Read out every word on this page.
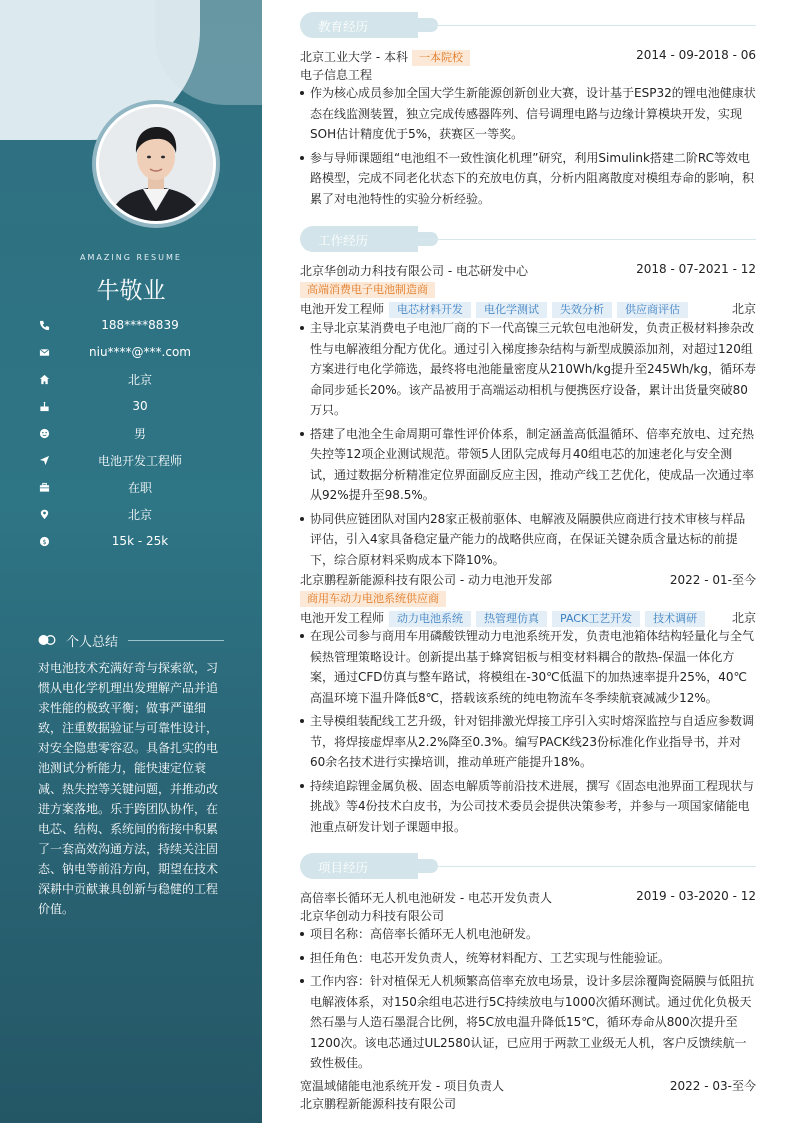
AMAZING RESUME
牛敬业
188****8839
niu****@***.com
北京
30
男
电池开发工程师
在职
北京
$	15k - 25k
个人总结
对电池技术充满好奇与探索欲，习惯从电化学机理出发理解产品并追求性能的极致平衡；做事严谨细致，注重数据验证与可靠性设计，对安全隐患零容忍。具备扎实的电池测试分析能力，能快速定位衰减、热失控等关键问题，并推动改进方案落地。乐于跨团队协作，在电芯、结构、系统间的衔接中积累了一套高效沟通方法，持续关注固态、钠电等前沿方向，期望在技术深耕中贡献兼具创新与稳健的工程价值。
教育经历
北京工业大学 - 本科 一本院校	2014 - 09-2018 - 06
电子信息工程
作为核心成员参加全国大学生新能源创新创业大赛，设计基于ESP32的锂电池健康状态在线监测装置，独立完成传感器阵列、信号调理电路与边缘计算模块开发，实现SOH估计精度优于5%，获赛区一等奖。
参与导师课题组“电池组不一致性演化机理”研究，利用Simulink搭建二阶RC等效电路模型，完成不同老化状态下的充放电仿真，分析内阻离散度对模组寿命的影响，积累了对电池特性的实验分析经验。
工作经历
北京华创动力科技有限公司 - 电芯研发中心	2018 - 07-2021 - 12
高端消费电子电池制造商
电池开发工程师 电芯材料开发 电化学测试 失效分析 供应商评估	北京
主导北京某消费电子电池厂商的下一代高镍三元软包电池研发，负责正极材料掺杂改性与电解液组分配方优化。通过引入梯度掺杂结构与新型成膜添加剂，对超过120组方案进行电化学筛选，最终将电池能量密度从210Wh/kg提升至245Wh/kg，循环寿命同步延长20%。该产品被用于高端运动相机与便携医疗设备，累计出货量突破80万只。
搭建了电池全生命周期可靠性评价体系，制定涵盖高低温循环、倍率充放电、过充热失控等12项企业测试规范。带领5人团队完成每月40组电芯的加速老化与安全测试，通过数据分析精准定位界面副反应主因，推动产线工艺优化，使成品一次通过率从92%提升至98.5%。
协同供应链团队对国内28家正极前驱体、电解液及隔膜供应商进行技术审核与样品评估，引入4家具备稳定量产能力的战略供应商，在保证关键杂质含量达标的前提下，综合原材料采购成本下降10%。
北京鹏程新能源科技有限公司 - 动力电池开发部	2022 - 01-至今
商用车动力电池系统供应商
电池开发工程师 动力电池系统 热管理仿真 PACK工艺开发 技术调研	北京
在现公司参与商用车用磷酸铁锂动力电池系统开发，负责电池箱体结构轻量化与全气候热管理策略设计。创新提出基于蜂窝铝板与相变材料耦合的散热-保温一体化方案，通过CFD仿真与整车路试，将模组在-30℃低温下的加热速率提升25%，40℃高温环境下温升降低8℃，搭载该系统的纯电物流车冬季续航衰减减少12%。
主导模组装配线工艺升级，针对铝排激光焊接工序引入实时熔深监控与自适应参数调节，将焊接虚焊率从2.2%降至0.3%。编写PACK线23份标准化作业指导书，并对60余名技术进行实操培训，推动单班产能提升18%。
持续追踪锂金属负极、固态电解质等前沿技术进展，撰写《固态电池界面工程现状与挑战》等4份技术白皮书，为公司技术委员会提供决策参考，并参与一项国家储能电池重点研发计划子课题申报。
项目经历
高倍率长循环无人机电池研发 - 电芯开发负责人	2019 - 03-2020 - 12
北京华创动力科技有限公司
项目名称：高倍率长循环无人机电池研发。
担任角色：电芯开发负责人，统筹材料配方、工艺实现与性能验证。
工作内容：针对植保无人机频繁高倍率充放电场景，设计多层涂覆陶瓷隔膜与低阻抗电解液体系，对150余组电芯进行5C持续放电与1000次循环测试。通过优化负极天然石墨与人造石墨混合比例，将5C放电温升降低15℃，循环寿命从800次提升至1200次。该电芯通过UL2580认证，已应用于两款工业级无人机，客户反馈续航一致性极佳。
宽温域储能电池系统开发 - 项目负责人	2022 - 03-至今
北京鹏程新能源科技有限公司
